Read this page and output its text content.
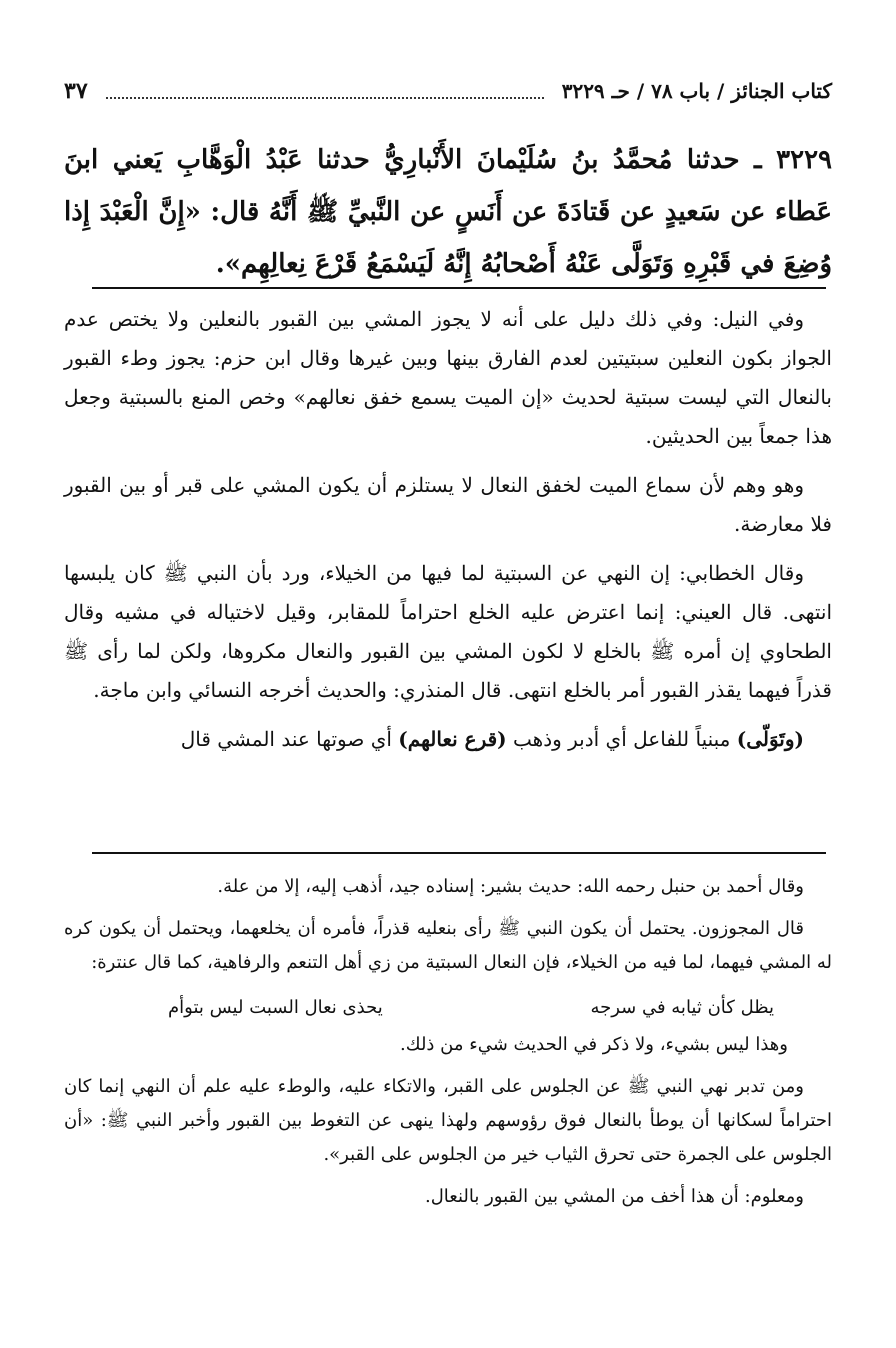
كتاب الجنائز / باب ٧٨ / حـ ٣٢٢٩
٣٧
٣٢٢٩ ـ حدثنا مُحمَّدُ بنُ سُلَيْمانَ الأَنْبارِيُّ حدثنا عَبْدُ الْوَهَّابِ يَعني ابنَ عَطاء عن سَعيدٍ عن قَتادَةَ عن أَنَسٍ عن النَّبيِّ ﷺ أَنَّهُ قال: «إِنَّ الْعَبْدَ إِذا وُضِعَ في قَبْرِهِ وَتَوَلَّى عَنْهُ أَصْحابُهُ إِنَّهُ لَيَسْمَعُ قَرْعَ نِعالِهِم».

وفي النيل: وفي ذلك دليل على أنه لا يجوز المشي بين القبور بالنعلين ولا يختص عدم الجواز بكون النعلين سبتيتين لعدم الفارق بينها وبين غيرها وقال ابن حزم: يجوز وطء القبور بالنعال التي ليست سبتية لحديث «إن الميت يسمع خفق نعالهم» وخص المنع بالسبتية وجعل هذا جمعاً بين الحديثين.

وهو وهم لأن سماع الميت لخفق النعال لا يستلزم أن يكون المشي على قبر أو بين القبور فلا معارضة.

وقال الخطابي: إن النهي عن السبتية لما فيها من الخيلاء، ورد بأن النبي ﷺ كان يلبسها انتهى. قال العيني: إنما اعترض عليه الخلع احتراماً للمقابر، وقيل لاختياله في مشيه وقال الطحاوي إن أمره ﷺ بالخلع لا لكون المشي بين القبور والنعال مكروها، ولكن لما رأى ﷺ قذراً فيهما يقذر القبور أمر بالخلع انتهى. قال المنذري: والحديث أخرجه النسائي وابن ماجة.

(وتَوَلّى) مبنياً للفاعل أي أدبر وذهب (قرع نعالهم) أي صوتها عند المشي قال

وقال أحمد بن حنبل رحمه الله: حديث بشير: إسناده جيد، أذهب إليه، إلا من علة.

قال المجوزون. يحتمل أن يكون النبي ﷺ رأى بنعليه قذراً، فأمره أن يخلعهما، ويحتمل أن يكون كره له المشي فيهما، لما فيه من الخيلاء، فإن النعال السبتية من زي أهل التنعم والرفاهية، كما قال عنترة:

يظل كأن ثيابه في سرجه
يحذى نعال السبت ليس بتوأم

وهذا ليس بشيء، ولا ذكر في الحديث شيء من ذلك.

ومن تدبر نهي النبي ﷺ عن الجلوس على القبر، والاتكاء عليه، والوطء عليه علم أن النهي إنما كان احتراماً لسكانها أن يوطأ بالنعال فوق رؤوسهم ولهذا ينهى عن التغوط بين القبور وأخبر النبي ﷺ: «أن الجلوس على الجمرة حتى تحرق الثياب خير من الجلوس على القبر».

ومعلوم: أن هذا أخف من المشي بين القبور بالنعال.
